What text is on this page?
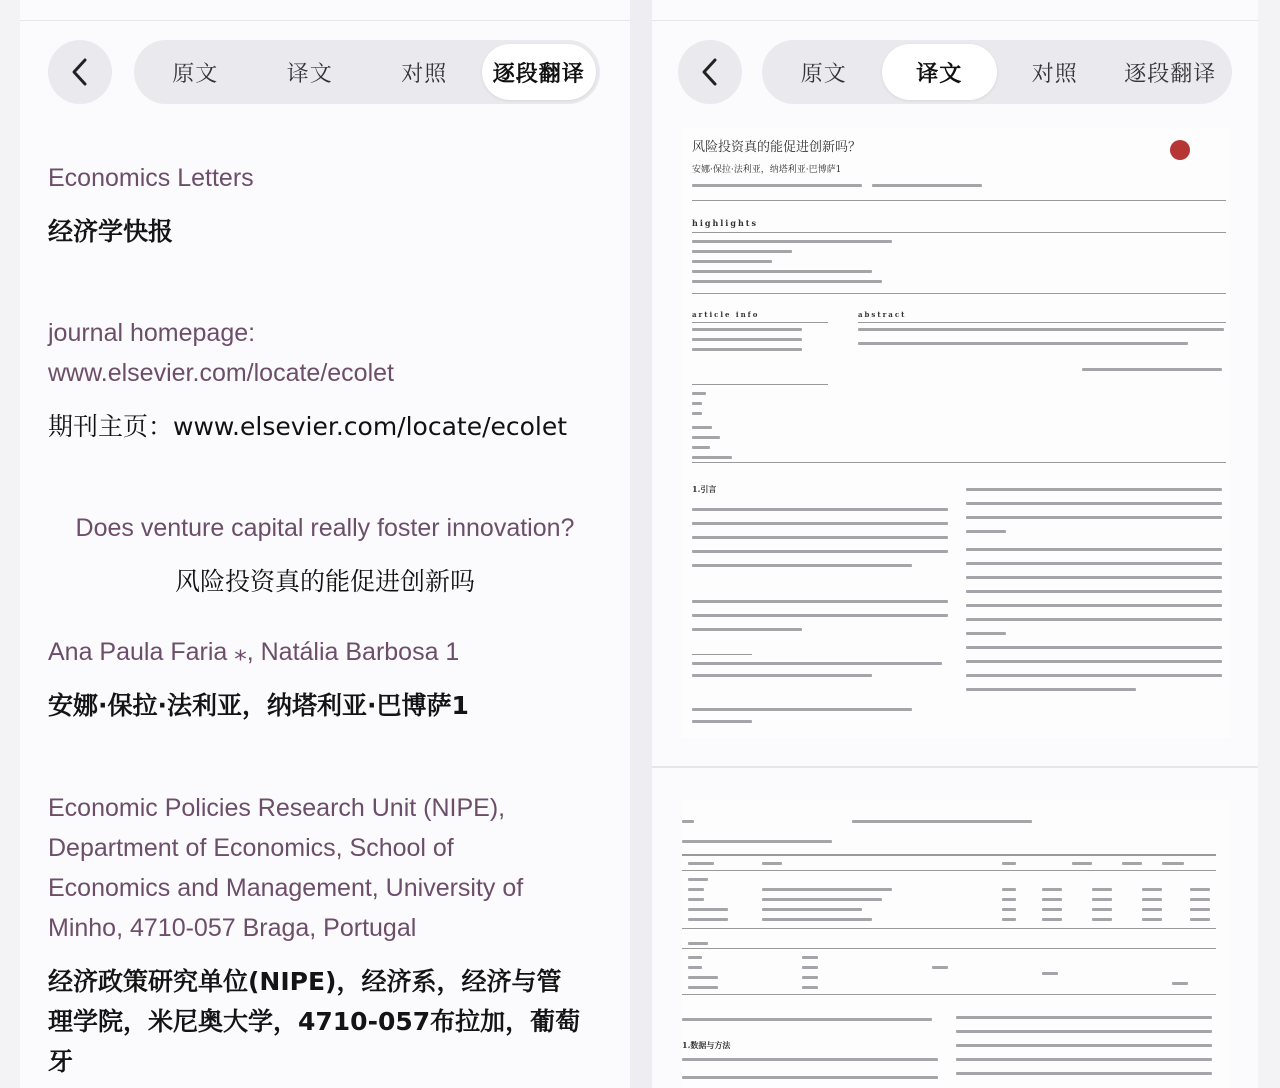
原文	译文	对照	逐段翻译
Economics Letters
经济学快报
journal homepage:
www.elsevier.com/locate/ecolet
期刊主页：www.elsevier.com/locate/ecolet
Does venture capital really foster innovation?
风险投资真的能促进创新吗
Ana Paula Faria ⁎, Natália Barbosa 1
安娜·保拉·法利亚，纳塔利亚·巴博萨1
Economic Policies Research Unit (NIPE),
Department of Economics, School of
Economics and Management, University of
Minho, 4710-057 Braga, Portugal
经济政策研究单位(NIPE)，经济系，经济与管
理学院，米尼奥大学，4710-057布拉加，葡萄
牙
原文	译文	对照	逐段翻译
风险投资真的能促进创新吗？
安娜·保拉·法利亚，纳塔利亚·巴博萨1
highlights
article info	abstract
1.引言
1.数据与方法
